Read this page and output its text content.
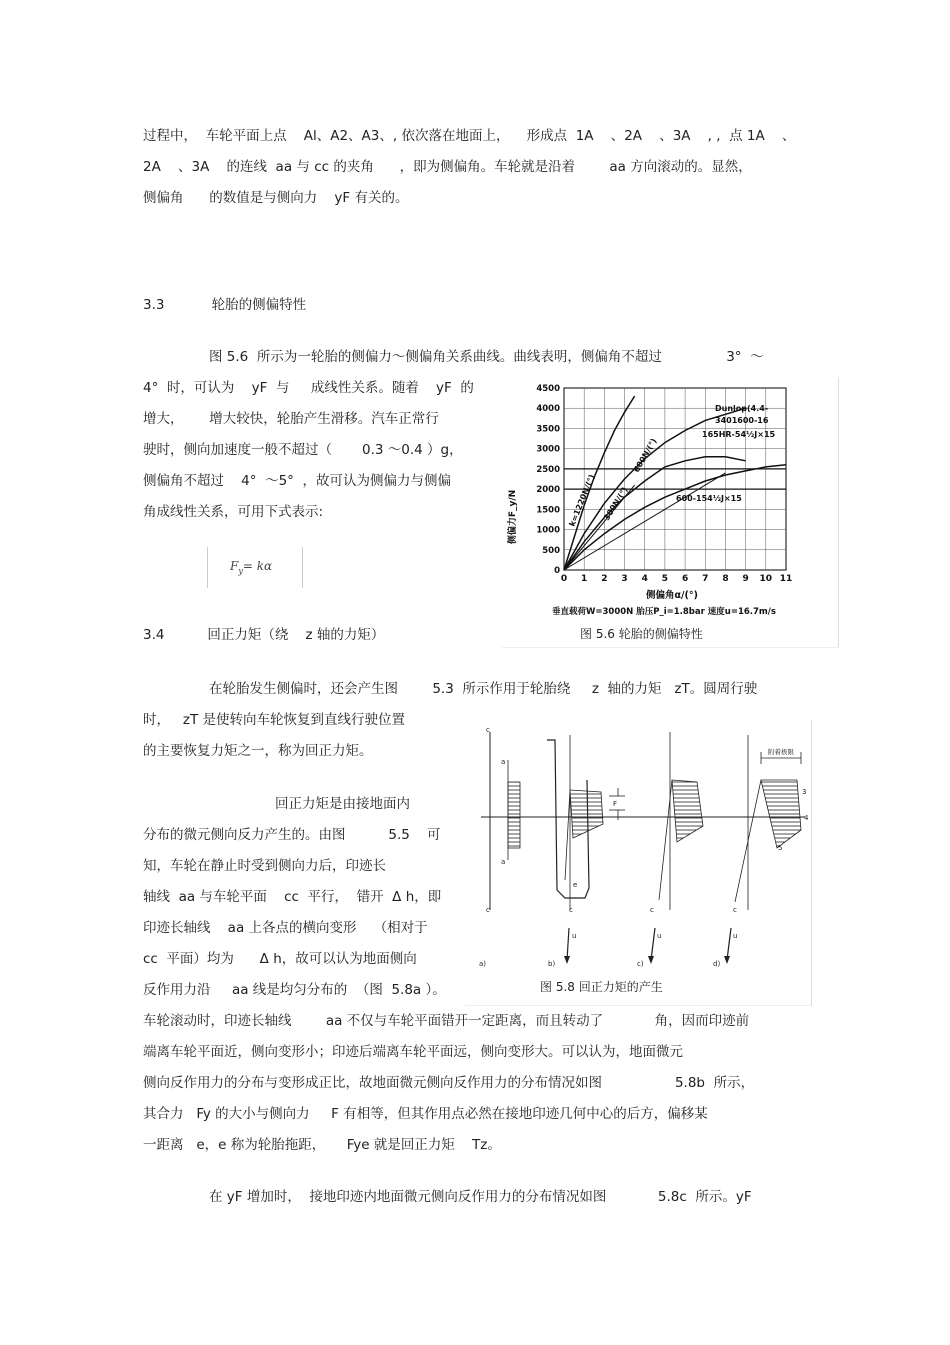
过程中，  车轮平面上点    Al、A2、A3、, 依次落在地面上，    形成点  1A    、2A    、3A    , ,  点 1A    、
2A    、3A    的连线  aa 与 cc 的夹角      ，即为侧偏角。车轮就是沿着        aa 方向滚动的。显然，
侧偏角      的数值是与侧向力    yF 有关的。
3.3           轮胎的侧偏特性
图 5.6  所示为一轮胎的侧偏力～侧偏角关系曲线。曲线表明，侧偏角不超过               3°  ～
4°  时，可认为    yF  与     成线性关系。随着    yF  的
增大，      增大较快，轮胎产生滑移。汽车正常行
驶时，侧向加速度一般不超过（       0.3 ～0.4 ）g，
侧偏角不超过    4°  ～5°  ，故可认为侧偏力与侧偏
角成线性关系，可用下式表示:
$F_y= k\alpha$
3.4          回正力矩（绕    z 轴的力矩）
在轮胎发生侧偏时，还会产生图        5.3  所示作用于轮胎绕     z  轴的力矩   zT。圆周行驶
时，   zT 是使转向车轮恢复到直线行驶位置
的主要恢复力矩之一，称为回正力矩。
回正力矩是由接地面内
分布的微元侧向反力产生的。由图          5.5    可
知，车轮在静止时受到侧向力后，印迹长
轴线  aa 与车轮平面    cc  平行，  错开  Δ h，即
印迹长轴线    aa 上各点的横向变形    （相对于
cc  平面）均为      Δ h，故可以认为地面侧向
反作用力沿     aa 线是均匀分布的  （图  5.8a ）。
车轮滚动时，印迹长轴线        aa 不仅与车轮平面错开一定距离，而且转动了            角，因而印迹前
端离车轮平面近，侧向变形小；印迹后端离车轮平面远，侧向变形大。可以认为，地面微元
侧向反作用力的分布与变形成正比，故地面微元侧向反作用力的分布情况如图                 5.8b  所示，
其合力   Fy 的大小与侧向力     F 有相等，但其作用点必然在接地印迹几何中心的后方，偏移某
一距离   e，e 称为轮胎拖距，     Fye 就是回正力矩    Tz。
在 yF 增加时，  接地印迹内地面微元侧向反作用力的分布情况如图            5.8c  所示。yF
0 1 2 3 4 5 6 7 8 9 10 11
0
500
1000
1500
2000
2500
3000
3500
4000
4500
侧偏力F_y/N
侧偏角α/(°)
垂直载荷W=3000N 胎压P_i=1.8bar 速度u=16.7m/s
图 5.6 轮胎的侧偏特性
Dunlop(4.4-
3401600-16
165HR-54½J×15
600-154½J×15
k=1220N/(°)
600N/(°)
300N/(°)
c
a
c
a
a)
F
c
e
u
b)
c
u
c)
附着极限
3
4
5
c
u
d)
图 5.8 回正力矩的产生
